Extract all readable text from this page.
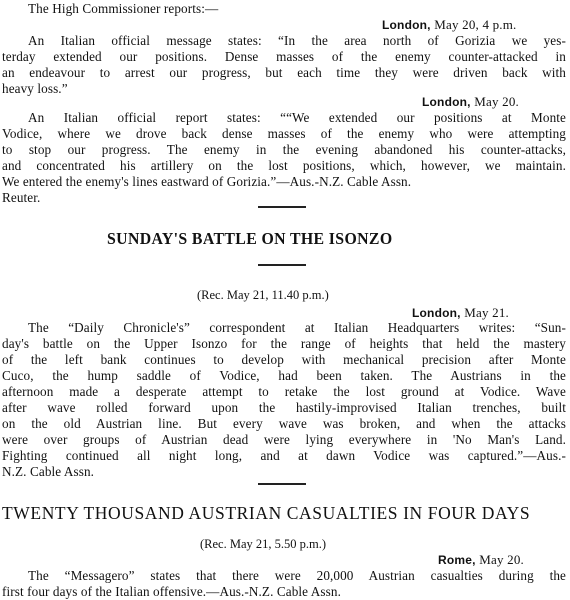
The High Commissioner reports:—
London, May 20, 4 p.m.
An Italian official message states: “In the area north of Gorizia we yes-
terday extended our positions. Dense masses of the enemy counter-attacked in
an endeavour to arrest our progress, but each time they were driven back with
heavy loss.”
London, May 20.
An Italian official report states: ““We extended our positions at Monte
Vodice, where we drove back dense masses of the enemy who were attempting
to stop our progress. The enemy in the evening abandoned his counter-attacks,
and concentrated his artillery on the lost positions, which, however, we maintain.
We entered the enemy's lines eastward of Gorizia.”—Aus.-N.Z. Cable Assn.
Reuter.
SUNDAY'S BATTLE ON THE ISONZO
(Rec. May 21, 11.40 p.m.)
London, May 21.
The “Daily Chronicle's” correspondent at Italian Headquarters writes: “Sun-
day's battle on the Upper Isonzo for the range of heights that held the mastery
of the left bank continues to develop with mechanical precision after Monte
Cuco, the hump saddle of Vodice, had been taken. The Austrians in the
afternoon made a desperate attempt to retake the lost ground at Vodice. Wave
after wave rolled forward upon the hastily-improvised Italian trenches, built
on the old Austrian line. But every wave was broken, and when the attacks
were over groups of Austrian dead were lying everywhere in 'No Man's Land.
Fighting continued all night long, and at dawn Vodice was captured.”—Aus.-
N.Z. Cable Assn.
TWENTY THOUSAND AUSTRIAN CASUALTIES IN FOUR DAYS
(Rec. May 21, 5.50 p.m.)
Rome, May 20.
The “Messagero” states that there were 20,000 Austrian casualties during the
first four days of the Italian offensive.—Aus.-N.Z. Cable Assn.
